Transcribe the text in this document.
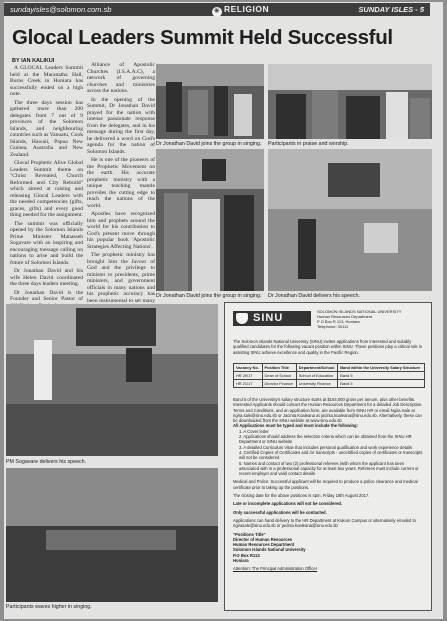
sundayisles@solomon.com.sb	☀ RELIGION	SUNDAY ISLES - 5
Glocal Leaders Summit Held Successful
BY IAN KALIKUI

A GLOCAL Leaders Summit held at the Maranatha Hall, Burns Creek in Honiara has successfully ended on a high note.

The three days session has gathered more than 200 delegates from 7 out of 9 provinces of the Solomon Islands, and neighbouring countries such as Vanuatu, Cook Islands, Hawaii, Papua New Guinea, Australia and New Zealand.

Glocal Prophetic Alive Global Leaders Summit theme on "Christ Revealed, Church Reformed and City Rebuild" which aimed at raising and releasing Glocal Leaders with the needed competencies (gifts, graces, gifts) and every good thing needed for the assignment.

The summit was officially opened by the Solomon Islands Prime Minister Manasseh Sogavare with an inspiring and encouraging message calling on nations to arise and build the future of Solomon Islands.

Dr Jonathan David and his wife Helen David coordinated the three days leaders meeting.

Dr Jonathan David is the Founder and Senior Pastor of

Alliance of Apostolic Churches (I.S.A.A.C), a network of governing churches and ministries across the nations.

In the opening of the Summit, Dr Jonathan David prayed for the nation with intense passionate response from the delegates, and in his message during the first day, he delivered a word on God's agenda for the nation of Solomon Islands.

He is one of the pioneers of the Prophetic Movement on the earth. His accurate prophetic ministry with a unique teaching mantle provides the cutting edge to reach the nations of the world.

Apostles have recognized him and prophets around the world for his contribution to God's present move through his popular book 'Apostolic Strategies Affecting Nations'.

The prophetic ministry has brought him the favour of God and the privilege to minister to presidents, prime ministers, and government officials in many nations and his prophetic accuracy has been instrumental to set many

Dr Jonathan David joins the group in singing. Participants in praise and worship.
Dr Jonathan David joins the group in singing. Dr Jonathan David delivers his speech.
PM Sogavare delivers his speech.
Participants waves higher in singing.
SINU
SOLOMON ISLANDS NATIONAL UNIVERSITY
Human Resources Department
P O Box R 113, Honiara
Telephone: 30111
The Solomon Islands National University (SINU) invites applications from interested and suitably qualified candidates for the following vacant position within SINU. These positions play a critical role in assisting SINU achieve excellence and quality in the Pacific Region.
Vacancy No.	Position Title	Department/School	Band within the University Salary Structure
HR 29/17	Dean of School	School of Education	Band 5
HR 21/17	Director Finance	University Finance	Band 5
Band 5 of the University's salary structure starts at $164,000 gross per annum, plus other benefits.
Interested Applicants should contact the Human Resources Department for a detailed Job Description.
Terms and Conditions, and an application form, are available from SINU HR or email Ngira Sale at ngira.sale@sinu.edu.sb or Jacinta Koaleana at jacinta.koaleana@sinu.edu.sb. Alternatively, these can be downloaded from the SINU website at www.sinu.edu.sb
All Applications must be typed and must include the following:
1. A Cover letter
2. Applications should address the selection criteria which can be obtained from the SINU HR Department or SINU website
3. A detailed Curriculum Vitae that includes personal qualification and work experience details
4. Certified Copies of Certificates and /or transcripts - uncertified copies of certificates or transcripts will not be considered
5. Names and contact of two (2) professional referees (with whom the applicant has been associated with in a professional capacity for at least two years. Referees must include current or recent employer and valid contact details.
Medical and Police: Successful applicant will be required to produce a police clearance and medical certificate prior to taking up the positions.
The closing date for the above positions is 4pm, Friday 18th August 2017.
Late or incomplete applications will not be considered.
Only successful applications will be contacted.
Applications can hand delivery to the HR Department at Kukum Campus or alternatively emailed to ngirasale@sinu.edu.sb or jacinta.koaleana@sinu.edu.sb
"Positions Title"
Director of Human Resources
Human Resources Department
Solomon Islands National University
P.O Box R113
Honiara
Attention: The Principal Administration Officer
